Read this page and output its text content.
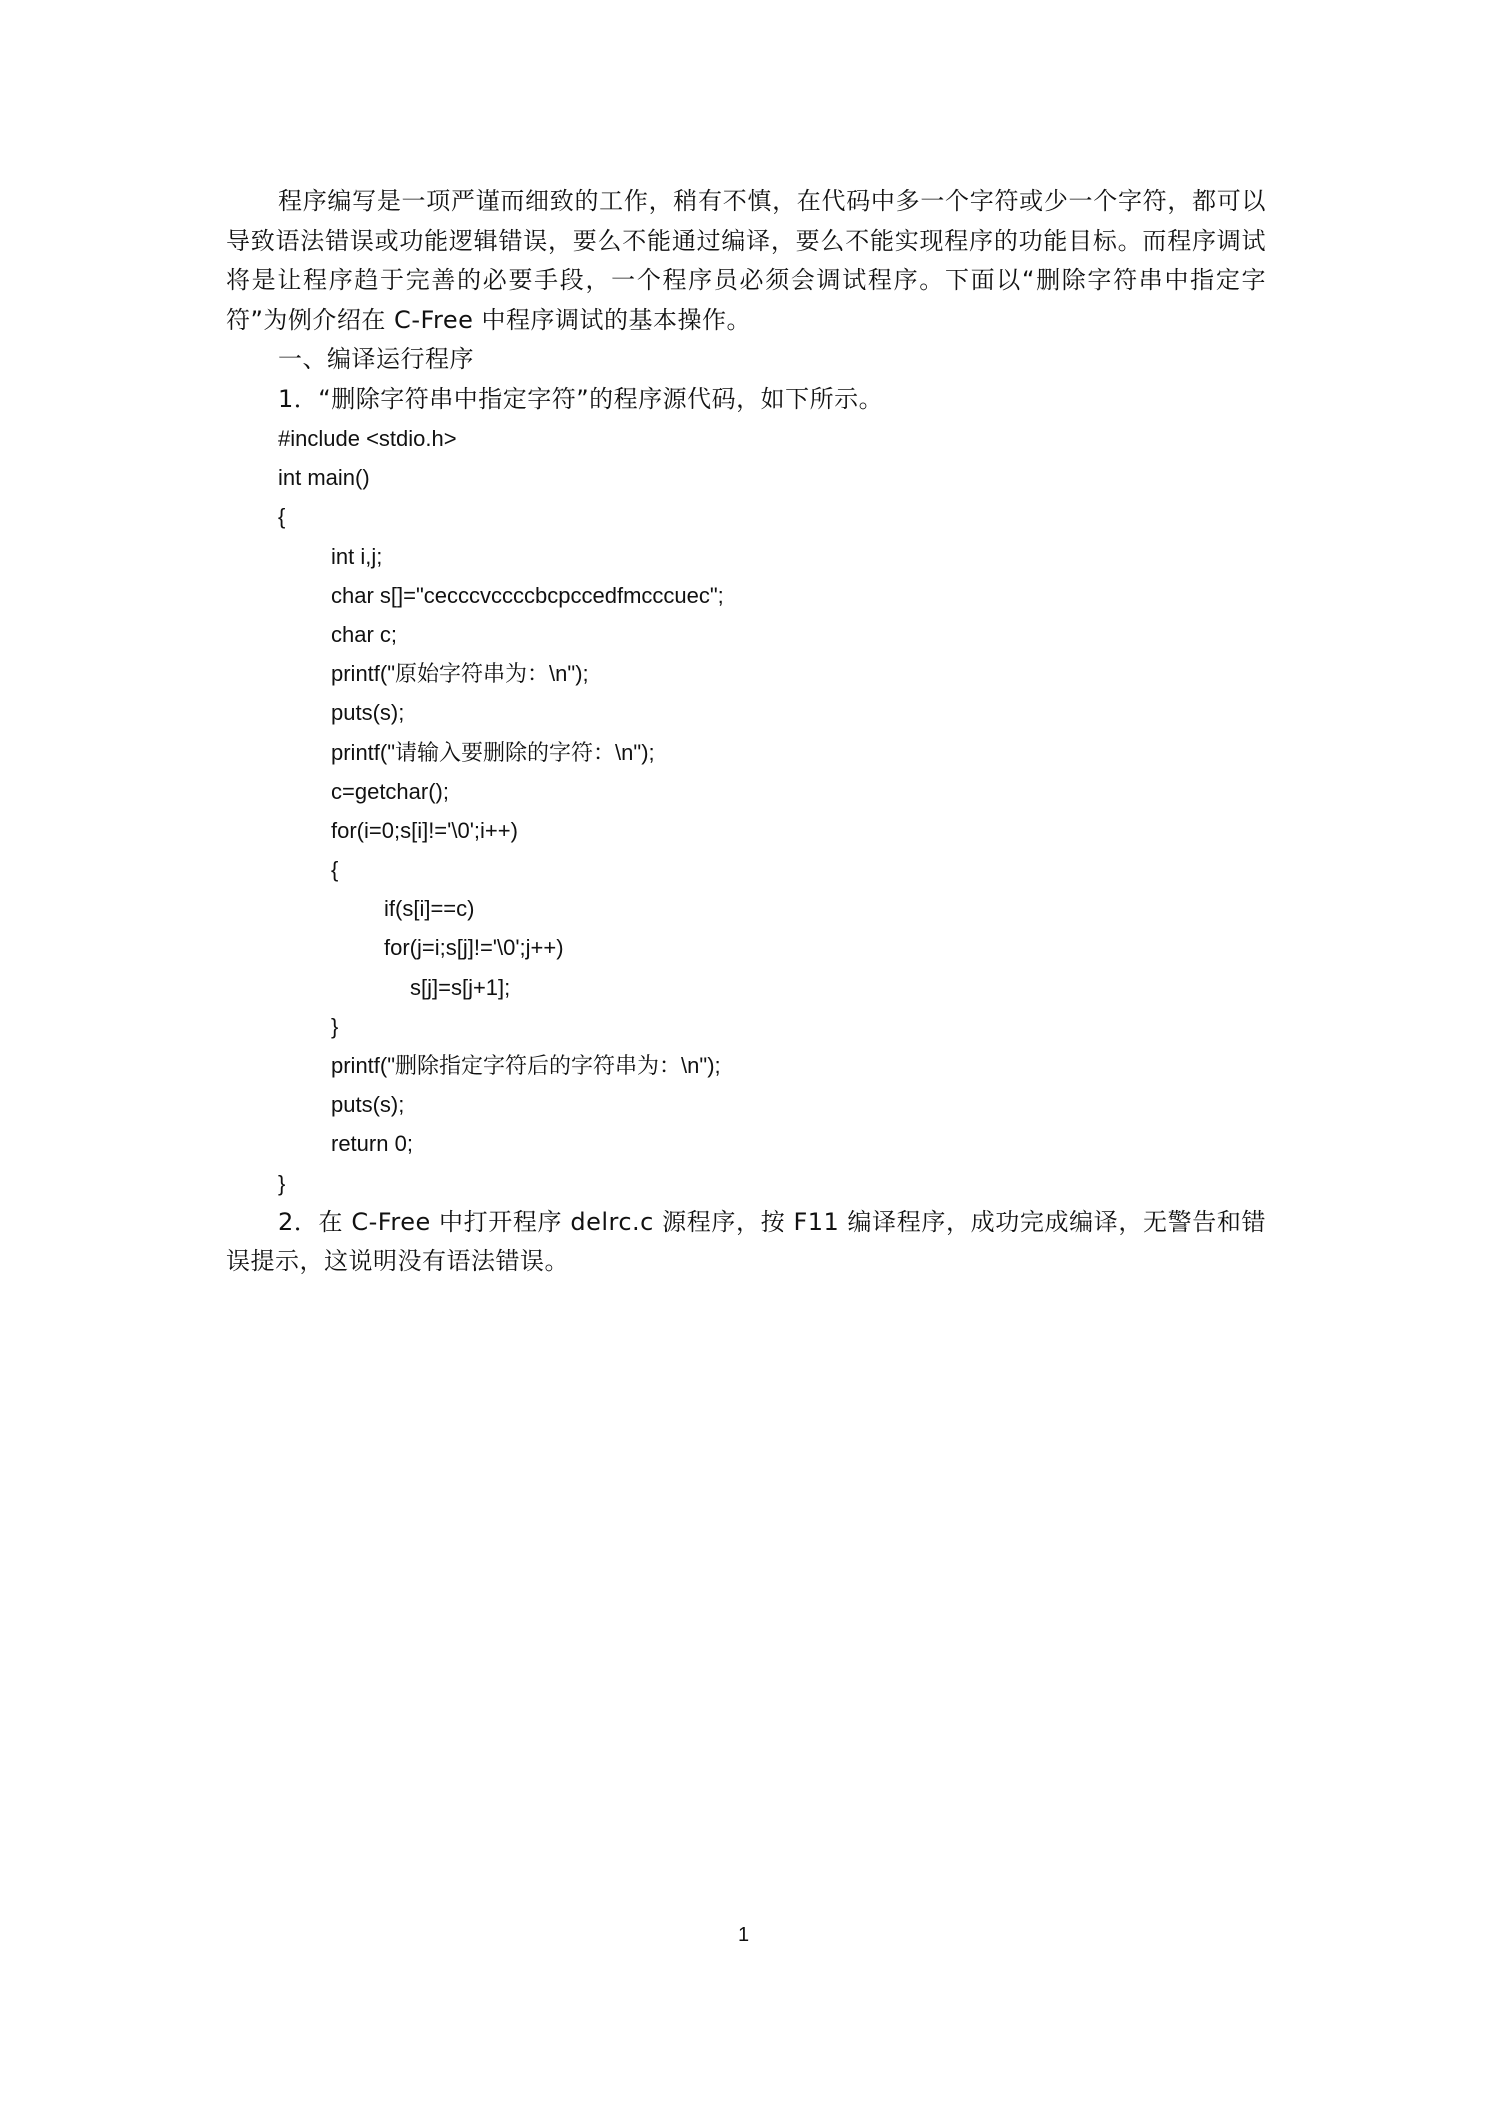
程序编写是一项严谨而细致的工作，稍有不慎，在代码中多一个字符或少一个字符，都可以导致语法错误或功能逻辑错误，要么不能通过编译，要么不能实现程序的功能目标。而程序调试将是让程序趋于完善的必要手段，一个程序员必须会调试程序。下面以“删除字符串中指定字符”为例介绍在 C-Free 中程序调试的基本操作。

一、编译运行程序

1．“删除字符串中指定字符”的程序源代码，如下所示。

#include <stdio.h>
int main()
{
int i,j;
char s[]="cecccvccccbcpccedfmcccuec";
char c;
printf("原始字符串为：\n");
puts(s);
printf("请输入要删除的字符：\n");
c=getchar();
for(i=0;s[i]!='\0';i++)
{
if(s[i]==c)
for(j=i;s[j]!='\0';j++)
s[j]=s[j+1];
}
printf("删除指定字符后的字符串为：\n");
puts(s);
return 0;
}

2．在 C-Free 中打开程序 delrc.c 源程序，按 F11 编译程序，成功完成编译，无警告和错误提示，这说明没有语法错误。

1
